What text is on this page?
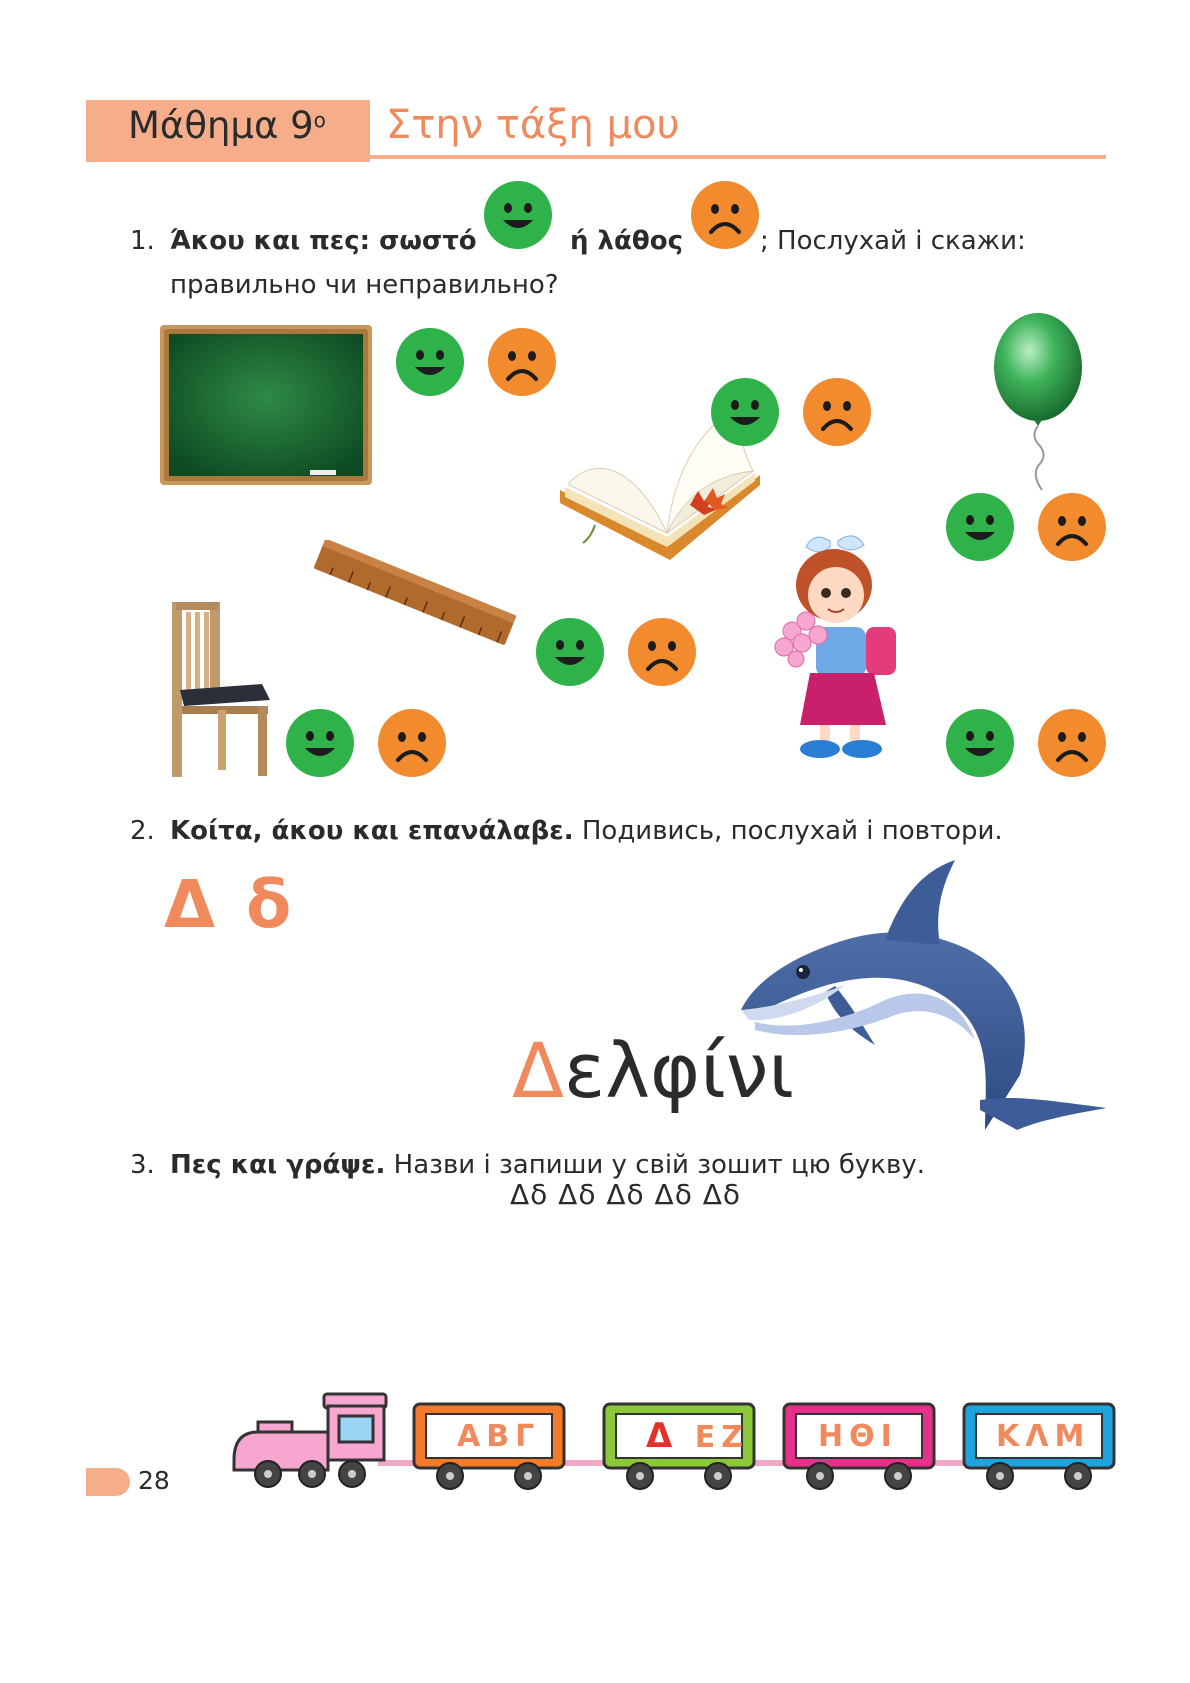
Μάθημα $9^o$ Στην τάξη μου
1. Άκου και πες: σωστό	ή λάθος	; Послухай і скажи:
правильно чи неправильно?
2. Κοίτα, άκου και επανάλαβε. Подивись, послухай і повтори.
Δ δ
Δελφίνι
3. Πες και γράψε. Назви і запиши у свій зошит цю букву.
Δδ Δδ Δδ Δδ Δδ
28
ΑΒΓ	Δ ΕΖ ΗΘΙ	ΚΛΜ
